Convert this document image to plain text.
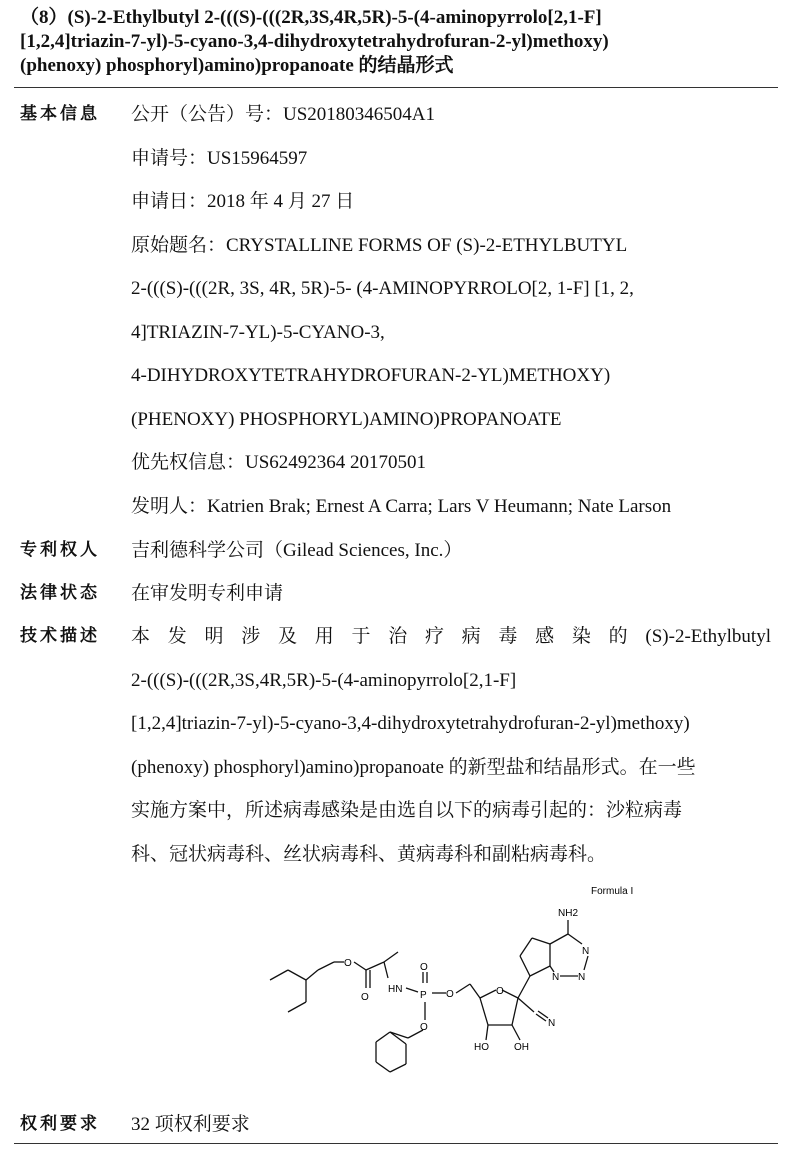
（8）(S)-2-Ethylbutyl 2-(((S)-(((2R,3S,4R,5R)-5-(4-aminopyrrolo[2,1-F]
[1,2,4]triazin-7-yl)-5-cyano-3,4-dihydroxytetrahydrofuran-2-yl)methoxy)
(phenoxy) phosphoryl)amino)propanoate 的结晶形式
基本信息 公开（公告）号：US20180346504A1
申请号：US15964597
申请日：2018 年 4 月 27 日
原始题名：CRYSTALLINE FORMS OF (S)-2-ETHYLBUTYL
2-(((S)-(((2R, 3S, 4R, 5R)-5- (4-AMINOPYRROLO[2, 1-F] [1, 2,
4]TRIAZIN-7-YL)-5-CYANO-3,
4-DIHYDROXYTETRAHYDROFURAN-2-YL)METHOXY)
(PHENOXY) PHOSPHORYL)AMINO)PROPANOATE
优先权信息：US62492364 20170501
发明人：Katrien Brak; Ernest A Carra; Lars V Heumann; Nate Larson
专利权人 吉利德科学公司（Gilead Sciences, Inc.）
法律状态 在审发明专利申请
技术描述 本 发 明 涉 及 用 于 治 疗 病 毒 感 染 的 (S)-2-Ethylbutyl
2-(((S)-(((2R,3S,4R,5R)-5-(4-aminopyrrolo[2,1-F]
[1,2,4]triazin-7-yl)-5-cyano-3,4-dihydroxytetrahydrofuran-2-yl)methoxy)
(phenoxy) phosphoryl)amino)propanoate 的新型盐和结晶形式。在一些
实施方案中，所述病毒感染是由选自以下的病毒引起的：沙粒病毒
科、冠状病毒科、丝状病毒科、黄病毒科和副粘病毒科。
Formula I
NH2
N
N
N
O
O
HN
P
O
O
O
O
N
HO	OH
权利要求 32 项权利要求
